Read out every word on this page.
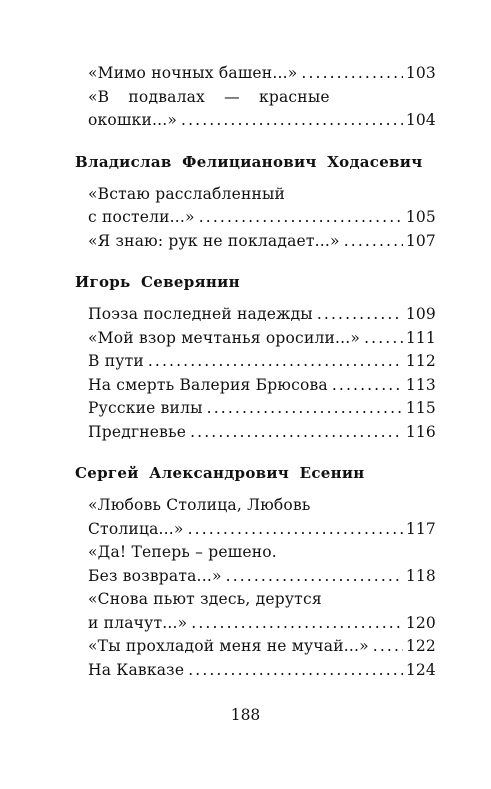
«Мимо ночных башен...» . . .	103
«В подвалах — красные
окошки...» . . .	104
Владислав Фелицианович Ходасевич
«Встаю расслабленный
с постели...» . . .	105
«Я знаю: рук не покладает...» . . .	107
Игорь Северянин
Поэза последней надежды . . .	109
«Мой взор мечтанья оросили...» . . .	111
В пути . . .	112
На смерть Валерия Брюсова . . .	113
Русские вилы . . .	115
Предгневье . . .	116
Сергей Александрович Есенин
«Любовь Столица, Любовь
Столица...» . . .	117
«Да! Теперь – решено.
Без возврата...» . . .	118
«Снова пьют здесь, дерутся
и плачут...» . . .	120
«Ты прохладой меня не мучай...» . . . 122
На Кавказе . . .	124
188
